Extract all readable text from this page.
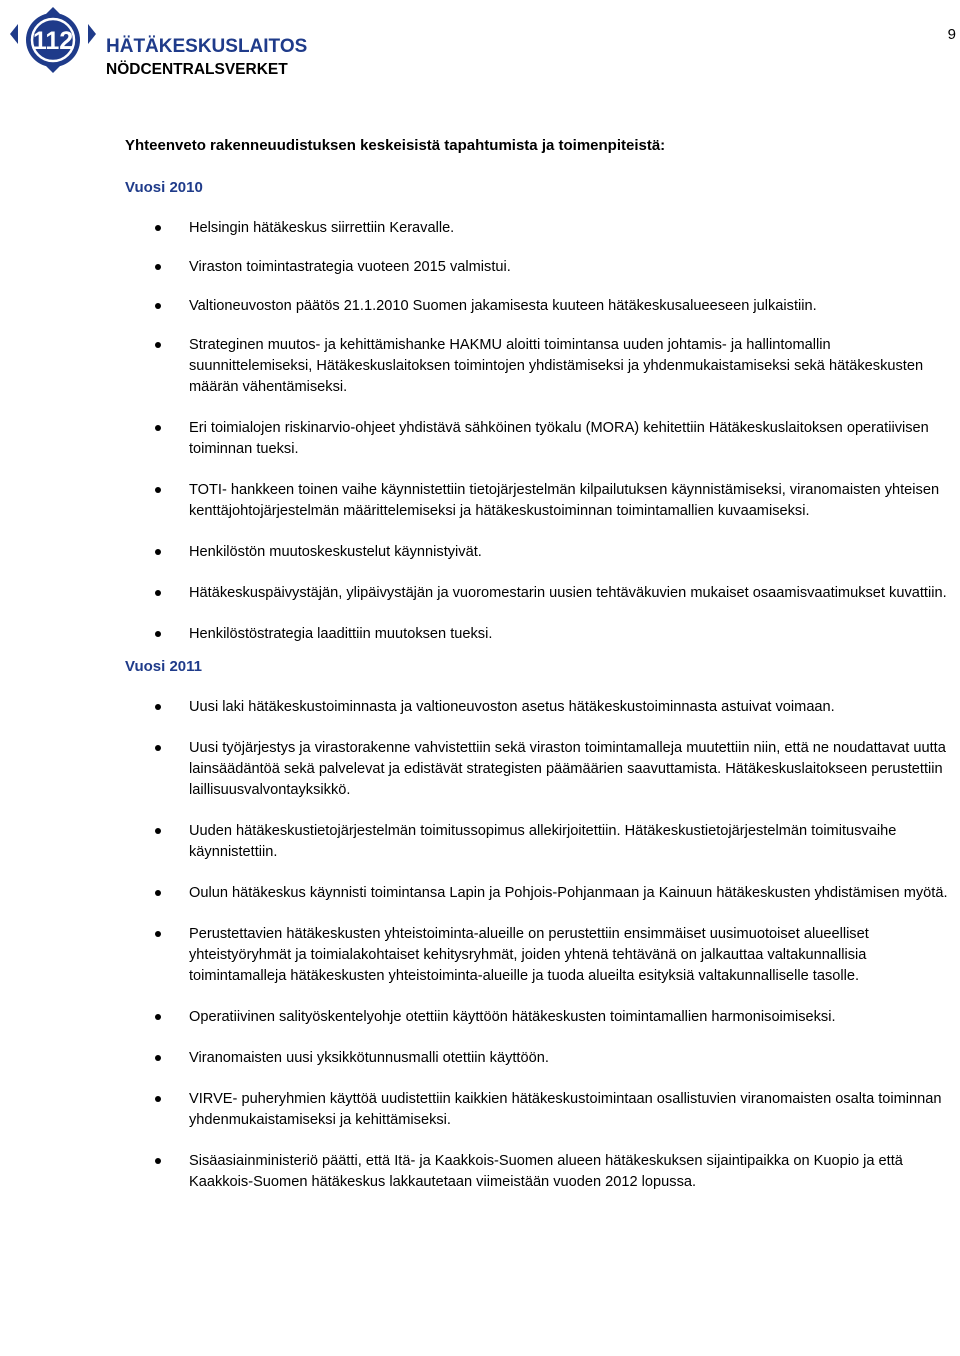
112 HÄTÄKESKUSLAITOS
NÖDCENTRALSVERKET
9
Yhteenveto rakenneuudistuksen keskeisistä tapahtumista ja toimenpiteistä:
Vuosi 2010
Helsingin hätäkeskus siirrettiin Keravalle.
Viraston toimintastrategia vuoteen 2015 valmistui.
Valtioneuvoston päätös 21.1.2010 Suomen jakamisesta kuuteen hätäkeskusalueeseen julkaistiin.
Strateginen muutos- ja kehittämishanke HAKMU aloitti toimintansa uuden johtamis- ja hallintomallin suunnittelemiseksi, Hätäkeskuslaitoksen toimintojen yhdistämiseksi ja yhdenmukaistamiseksi sekä hätäkeskusten määrän vähentämiseksi.
Eri toimialojen riskinarvio-ohjeet yhdistävä sähköinen työkalu (MORA) kehitettiin Hätäkeskuslaitoksen operatiivisen toiminnan tueksi.
TOTI- hankkeen toinen vaihe käynnistettiin tietojärjestelmän kilpailutuksen käynnistämiseksi, viranomaisten yhteisen kenttäjohtojärjestelmän määrittelemiseksi ja hätäkeskustoiminnan toimintamallien kuvaamiseksi.
Henkilöstön muutoskeskustelut käynnistyivät.
Hätäkeskuspäivystäjän, ylipäivystäjän ja vuoromestarin uusien tehtäväkuvien mukaiset osaamisvaatimukset kuvattiin.
Henkilöstöstrategia laadittiin muutoksen tueksi.
Vuosi 2011
Uusi laki hätäkeskustoiminnasta ja valtioneuvoston asetus hätäkeskustoiminnasta astuivat voimaan.
Uusi työjärjestys ja virastorakenne vahvistettiin sekä viraston toimintamalleja muutettiin niin, että ne noudattavat uutta lainsäädäntöä sekä palvelevat ja edistävät strategisten päämäärien saavuttamista. Hätäkeskuslaitokseen perustettiin laillisuusvalvontayksikkö.
Uuden hätäkeskustietojärjestelmän toimitussopimus allekirjoitettiin. Hätäkeskustietojärjestelmän toimitusvaihe käynnistettiin.
Oulun hätäkeskus käynnisti toimintansa Lapin ja Pohjois-Pohjanmaan ja Kainuun hätäkeskusten yhdistämisen myötä.
Perustettavien hätäkeskusten yhteistoiminta-alueille on perustettiin ensimmäiset uusimuotoiset alueelliset yhteistyöryhmät ja toimialakohtaiset kehitysryhmät, joiden yhtenä tehtävänä on jalkauttaa valtakunnallisia toimintamalleja hätäkeskusten yhteistoiminta-alueille ja tuoda alueilta esityksiä valtakunnalliselle tasolle.
Operatiivinen salityöskentelyohje otettiin käyttöön hätäkeskusten toimintamallien harmonisoimiseksi.
Viranomaisten uusi yksikkötunnusmalli otettiin käyttöön.
VIRVE- puheryhmien käyttöä uudistettiin kaikkien hätäkeskustoimintaan osallistuvien viranomaisten osalta toiminnan yhdenmukaistamiseksi ja kehittämiseksi.
Sisäasiainministeriö päätti, että Itä- ja Kaakkois-Suomen alueen hätäkeskuksen sijaintipaikka on Kuopio ja että Kaakkois-Suomen hätäkeskus lakkautetaan viimeistään vuoden 2012 lopussa.
